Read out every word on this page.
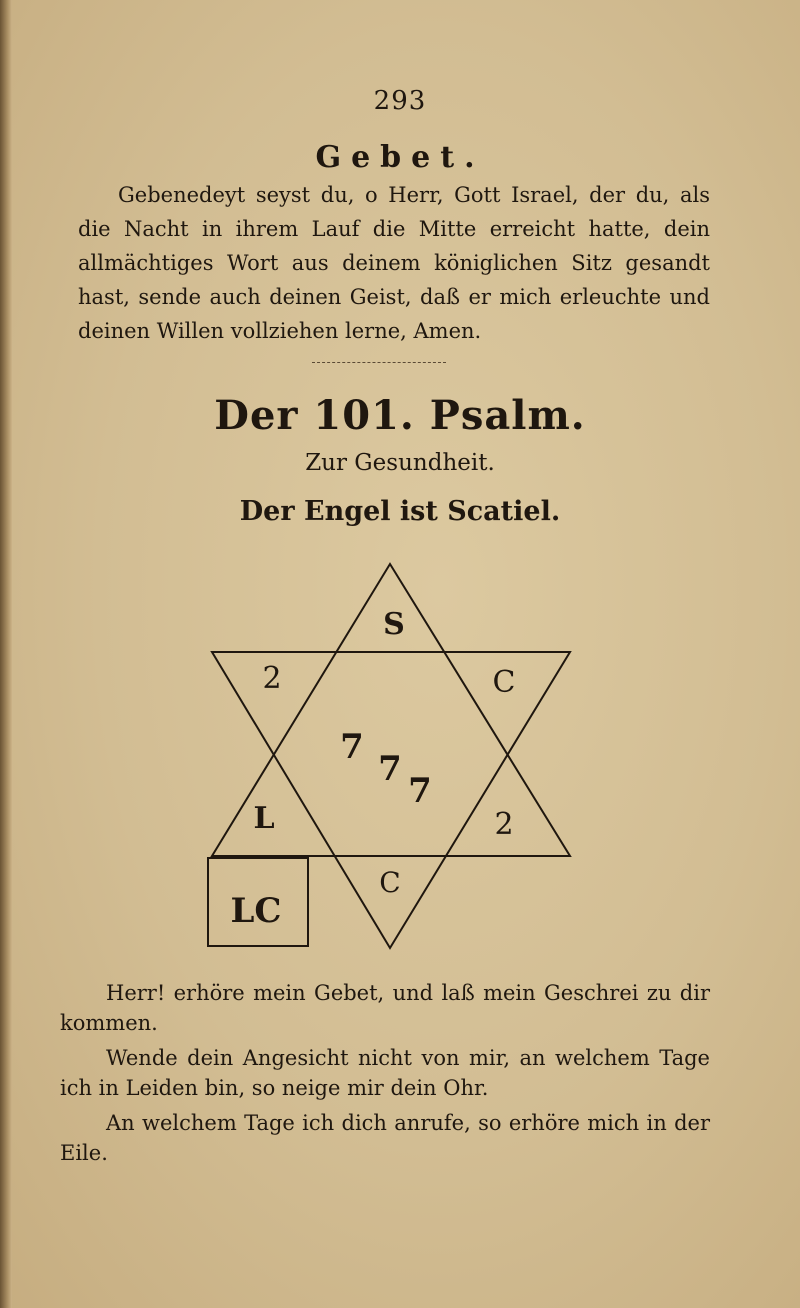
293
Gebet.

Gebenedeyt seyst du, o Herr, Gott Israel, der du, als die Nacht in ihrem Lauf die Mitte erreicht hatte, dein allmächtiges Wort aus deinem königlichen Sitz gesandt hast, sende auch deinen Geist, daß er mich erleuchte und deinen Willen vollziehen lerne, Amen.

Der 101. Psalm.
Zur Gesundheit.
Der Engel ist Scatiel.
S
2	C
L	2
C
7
7
7
LC

Herr! erhöre mein Gebet, und laß mein Geschrei zu dir kommen.

Wende dein Angesicht nicht von mir, an welchem Tage ich in Leiden bin, so neige mir dein Ohr.

An welchem Tage ich dich anrufe, so erhöre mich in der Eile.
